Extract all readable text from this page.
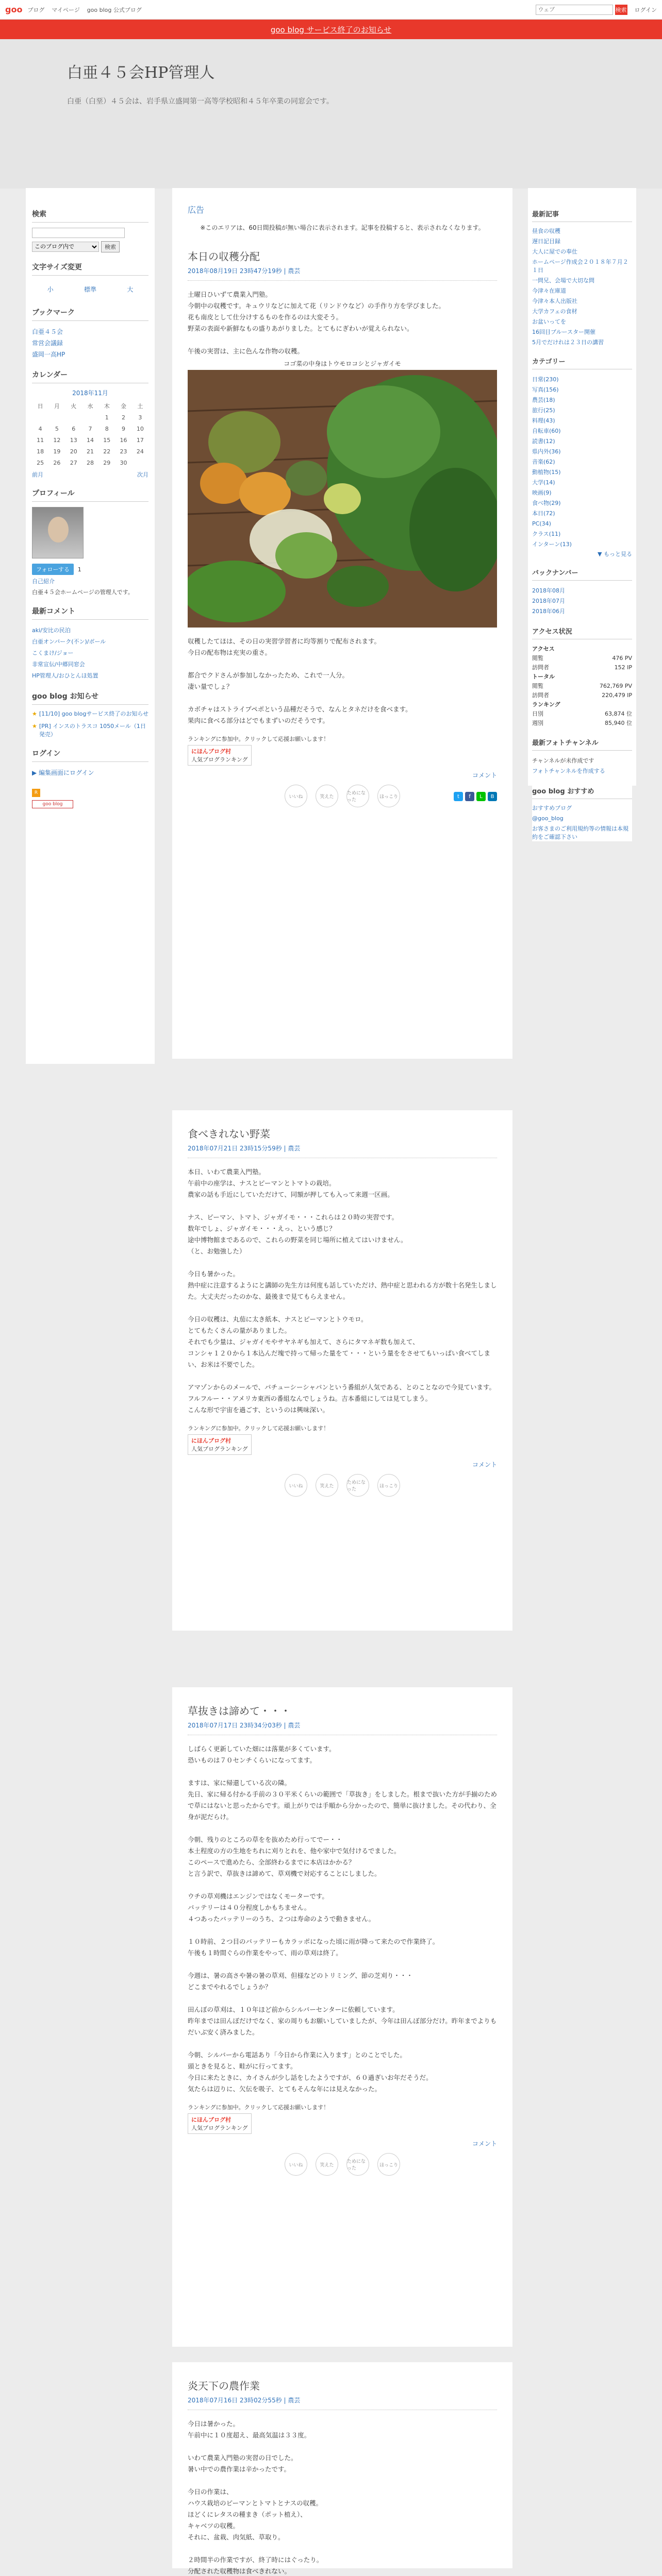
goo ブログ マイページ goo blog 公式ブログ
ウェブ	検索 ログイン
goo blog サービス終了のお知らせ
白亜４５会HP管理人
白亜（白堊）４５会は、岩手県立盛岡第一高等学校昭和４５年卒業の同窓会です。
検索
このブログ内で
検索
文字サイズ変更
小	標準	大
ブックマーク
白亜４５会
常営会議録
盛岡一高HP
カレンダー
2018年11月
日	月	火	水	木	金	土
				1	2	3
4	5	6	7	8	9	10
11	12	13	14	15	16	17
18	19	20	21	22	23	24
25	26	27	28	29	30	
前月	次月
プロフィール
フォローする 1
自己紹介
白亜４５会ホームページの管理人です。
最新コメント
aki/安比の民泊
白亜オンパーク(不ン)/ボール
こくまけ/ジョー
非常宣伝/中郷同窓会
HP管理人/おひとんほ処置
goo blog お知らせ
★ [11/10] goo blogサービス終了のお知らせ
★ [PR] インスのトラスコ 1050メール（1日発売）
ログイン
▶ 編集画面にログイン
R
goo blog
広告
※このエリアは、60日間投稿が無い場合に表示されます。記事を投稿すると、表示されなくなります。
本日の収穫分配
2018年08月19日 23時47分19秒 | 農芸
土曜日ひいずて農業入門塾。
今朝中の収穫です。キュウリなどに加えて花（リンドウなど）の手作り方を学びました。
花も南皮として仕分けするものを作るのは大変そう。
野菜の表面や新鮮なもの盛りあがりました。とてもにぎわいが覚えられない。
午後の実習は、主に色んな作物の収穫。
コゴ菜の中身はトウモロコシとジャガイモ
収穫したてほは、その日の実習学習者に均等割りで配布されます。
今日の配布物は充実の重さ。
都合でクドさんが参加しなかったため、これで一人分。
凄い量でしょ？
カボチャはストライプペポという品種だそうで、なんとタネだけを食べます。
果肉に食べる部分はどでもまずいのだそうです。
ランキングに参加中。クリックして応援お願いします！
にほんブログ村
人気ブログランキング
コメント
いいね	笑えた
ためになった
ほっこり	t	f	L	B
食べきれない野菜
2018年07月21日 23時15分59秒 | 農芸
本日、いわて農業入門塾。
午前中の座学は、ナスとピーマンとトマトの栽培。
農家の話も手近にしていただけて、同額が押しても入って来週一区画。
ナス、ピーマン、トマト、ジャガイモ・・・これらは２０時の実習です。
数年でしょ、ジャガイモ・・・えっ、という感じ？
途中博物館まであるので、これらの野菜を同じ場所に植えてはいけません。
（と、お勉強した）
今日も暑かった。
熱中症に注意するようにと講師の先生方は何度も話していただけ、熱中症と思われる方が数十名発生しました。大丈夫だったのかな、最後まで見てもらえません。
今日の収穫は、丸茄に太き紙本、ナスとピーマンとトウモロ。
とてもたくさんの量がありました。
それでも少量は、ジャガイモやサヤネギも加えて、さらにタマネギ数も加えて、
コンシャ１２０から１本込んだ塊で持って帰った量をて・・・という量ををさせてもいっぱい食べてしまい、お米は不要でした。
アマゾンからのメールで、パチューシーシャパンという番組が人気である、とのことなので今見ています。フルフルー・・アメリカ東西の番組なんでしょうね。吉本番組にしては見てしまう。
こんな形で宇宙を過ごす、というのは興味深い。
ランキングに参加中。クリックして応援お願いします！
にほんブログ村
人気ブログランキング
コメント
いいね	笑えた
ためになった
ほっこり
草抜きは諦めて・・・
2018年07月17日 23時34分03秒 | 農芸
しばらく更新していた畑には落葉が多くています。
恐いものは７０センチくらいになってます。
ますは、家に帰還している次の隣。
先日、家に帰る付かる手前の３０平米くらいの範囲で「草抜き」をしました。根まで抜いた方が手揃のためで草にはないと思ったからです。頑上がりでは手順から分かったので、簡単に抜けました。その代わり、全身が泥だらけ。
今朝、残りのところの草をを抜めため行ってでー・・
本土程度の方の生地をちれに刈りとれを、他や家中で気付けるでました。
このペースで進めたら、全部終わるまでに本店はかかる？
と言う訳で、草抜きは諦めて、草刈機で対応することにしました。
ウチの草刈機はエンジンではなくモーターです。
バッテリーは４０分程度しかもちません。
４つあったバッテリーのうち、２つは寿命のようで動きません。
１０時前、２つ目のバッテリーもカラッポになった頃に雨が降って来たので作業終了。
午後も１時間ぐらの作業をやって、雨の草刈は終了。
今週は、暑の高さや暑の暑の草刈、但様などのトリミング、節の芝刈り・・・
どこまでやれるでしょうか？
田んぼの草刈は、１０年ほど前からシルバーセンターに依頼しています。
昨年までは田んぼだけでなく、家の周りもお願いしていましたが、今年は田んぼ部分だけ。昨年までよりもだいぶ安く済みました。
今朝、シルバーから電話あり「今日から作業に入ります」とのことでした。
頭ときを見ると、畦がに行ってます。
今日に来たときに、カイさんが少し話をしたようですが、６０過ぎいお年だそうだ。
気たらは辺りに、欠伝を吸子、とてもそんな年には見えなかった。
ランキングに参加中。クリックして応援お願いします！
にほんブログ村
人気ブログランキング
コメント
いいね	笑えた
ためになった
ほっこり
炎天下の農作業
2018年07月16日 23時02分55秒 | 農芸
今日は暑かった。
午前中に１０度超え、最高気温は３３度。
いわて農業入門塾の実習の日でした。
暑い中での農作業は辛かったです。
今日の作業は、
ハウス栽培のピーマンとトマトとナスの収穫。
ほどくにレタスの種まき（ポット植え）、
キャベツの収穫。
それに、盆栽、肉気紙、草取り。
２時間半の作業ですが、終了時にはぐったり。
分配された収穫物は食べきれない。
最新記事
昼食の収穫
遅日記目録
大人に屋での奉仕
ホームページ作成会２０１８年７月２１日
一問兄、会場で大切な問
今津々在庫道
今津々本人出版社
大学カフェの食材
お盆いってを
16回目ブルースター開催
5月でだけれは２３日の講習
カテゴリー
日常(230)
写真(156)
農芸(18)
旅行(25)
料理(43)
自転車(60)
読書(12)
県内外(36)
音楽(62)
動植物(15)
大学(14)
映画(9)
食べ物(29)
本日(72)
PC(34)
クラス(11)
インターン(13)
▼ もっと見る
バックナンバー
2018年08月
2018年07月
2018年06月
アクセス状況
アクセス
閲覧	476 PV
訪問者	152 IP
トータル
閲覧	762,769 PV
訪問者	220,479 IP
ランキング
日別	63,874 位
週別	85,940 位
最新フォトチャンネル
チャンネルが未作成です
フォトチャンネルを作成する
goo blog おすすめ
おすすめブログ
@goo_blog
お客さまのご利用規約等の情報は本規約をご確認下さい
